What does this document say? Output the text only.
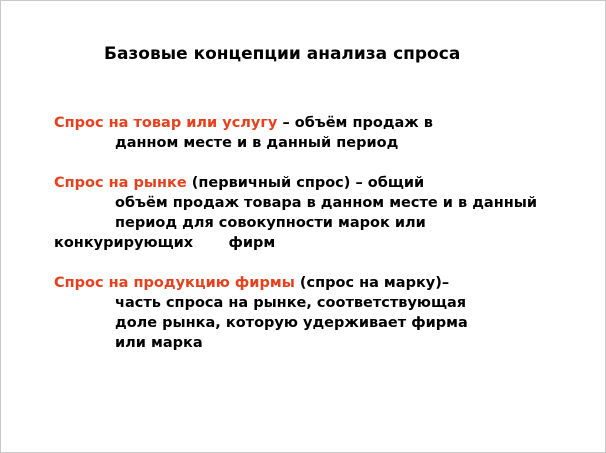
Базовые концепции анализа спроса
Спрос на товар или услугу – объём продаж в
данном месте и в данный период
Спрос на рынке (первичный спрос) – общий
объём продаж товара в данном месте и в данный
период для совокупности марок или
конкурирующих       фирм
Спрос на продукцию фирмы (спрос на марку)–
часть спроса на рынке, соответствующая
доле рынка, которую удерживает фирма
или марка
